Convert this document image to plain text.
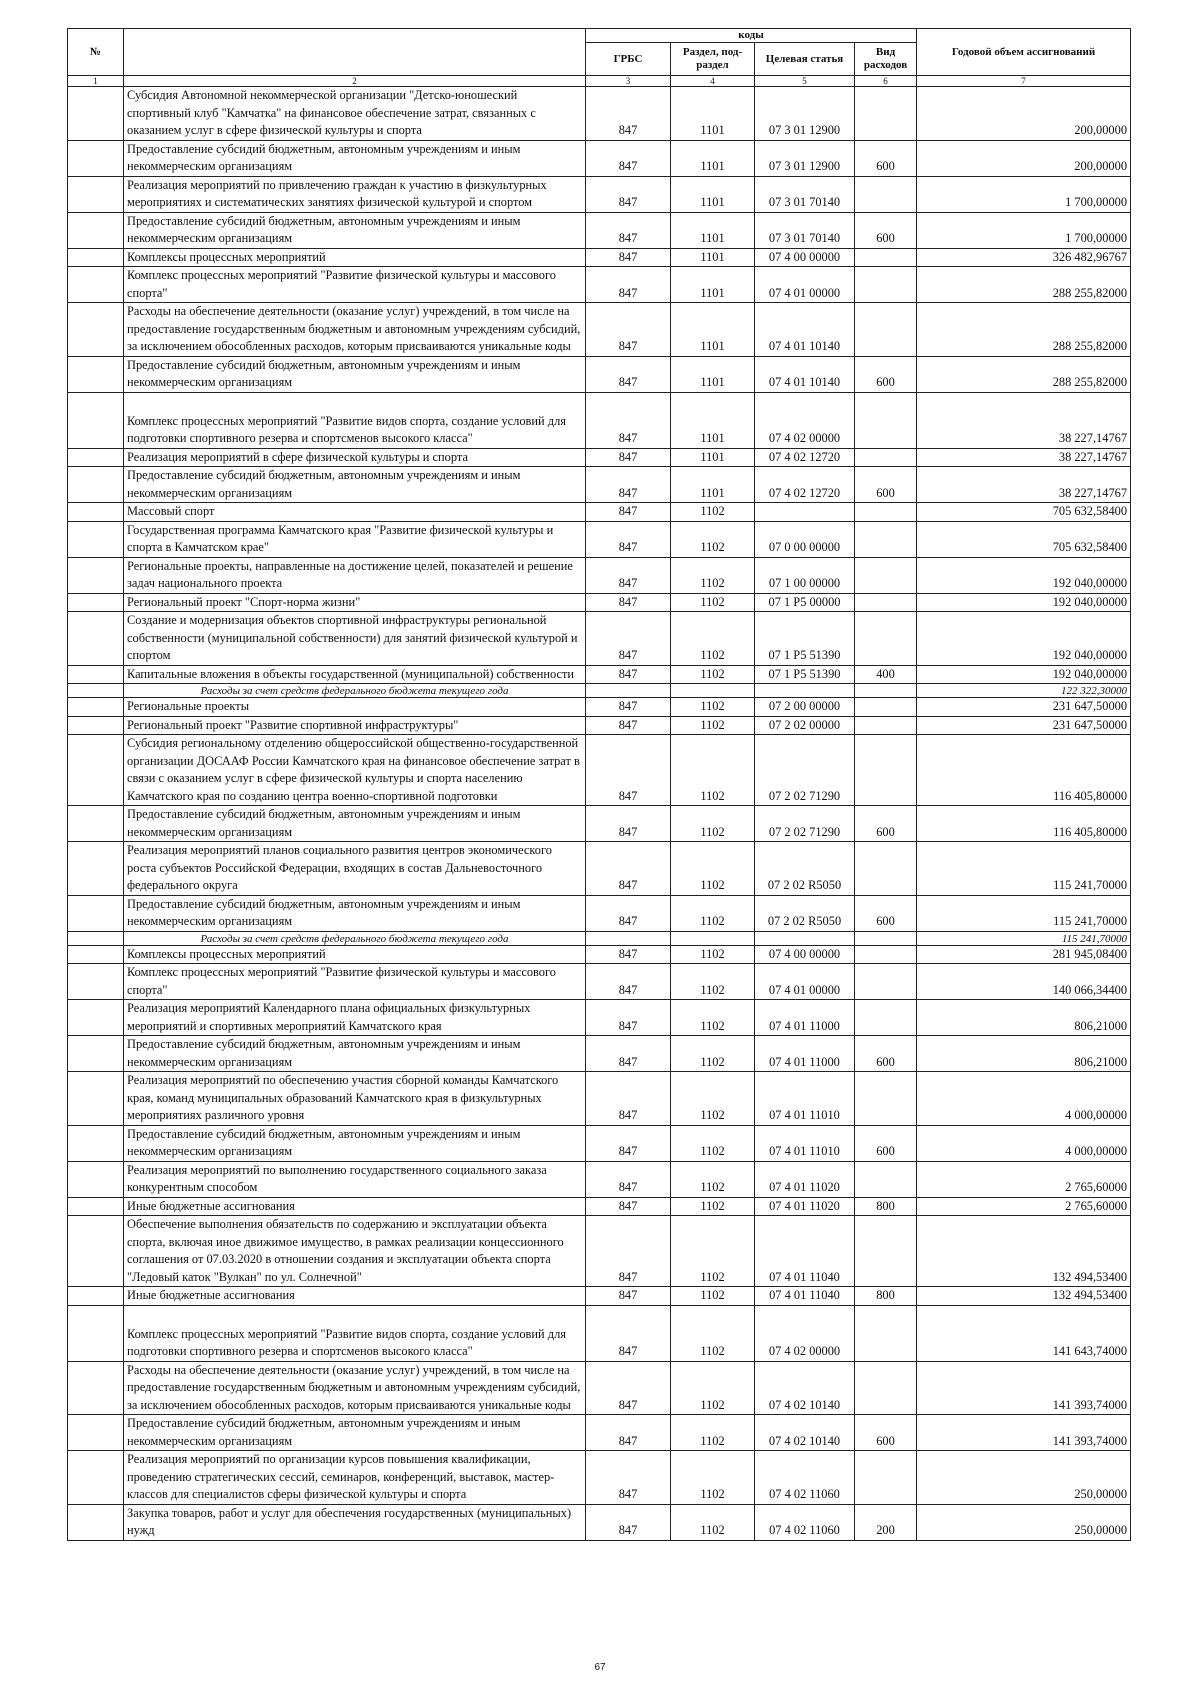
№		коды				Годовой объем ассигнований
		ГРБС	Раздел, под- раздел	Целевая статья	Вид расходов	
1	2	3	4	5	6	7
	Субсидия Автономной некоммерческой организации "Детско-юношеский спортивный клуб "Камчатка" на финансовое обеспечение затрат, связанных с оказанием услуг в сфере физической культуры и спорта	847	1101	07 3 01 12900		200,00000
	Предоставление субсидий бюджетным, автономным учреждениям и иным некоммерческим организациям	847	1101	07 3 01 12900	600	200,00000
	Реализация мероприятий по привлечению граждан к участию в физкультурных мероприятиях и систематических занятиях физической культурой и спортом	847	1101	07 3 01 70140		1 700,00000
	Предоставление субсидий бюджетным, автономным учреждениям и иным некоммерческим организациям	847	1101	07 3 01 70140	600	1 700,00000
	Комплексы процессных мероприятий	847	1101	07 4 00 00000		326 482,96767
	Комплекс процессных мероприятий "Развитие физической культуры и массового спорта"	847	1101	07 4 01 00000		288 255,82000
	Расходы на обеспечение деятельности (оказание услуг) учреждений, в том числе на предоставление государственным бюджетным и автономным учреждениям субсидий, за исключением обособленных расходов, которым присваиваются уникальные коды	847	1101	07 4 01 10140		288 255,82000
	Предоставление субсидий бюджетным, автономным учреждениям и иным некоммерческим организациям	847	1101	07 4 01 10140	600	288 255,82000
	Комплекс процессных мероприятий "Развитие видов спорта, создание условий для подготовки спортивного резерва и спортсменов высокого класса"	847	1101	07 4 02 00000		38 227,14767
	Реализация мероприятий в сфере физической культуры и спорта	847	1101	07 4 02 12720		38 227,14767
	Предоставление субсидий бюджетным, автономным учреждениям и иным некоммерческим организациям	847	1101	07 4 02 12720	600	38 227,14767
	Массовый спорт	847	1102			705 632,58400
	Государственная программа Камчатского края "Развитие физической культуры и спорта в Камчатском крае"	847	1102	07 0 00 00000		705 632,58400
	Региональные проекты, направленные на достижение целей, показателей и решение задач национального проекта	847	1102	07 1 00 00000		192 040,00000
	Региональный проект "Спорт-норма жизни"	847	1102	07 1 P5 00000		192 040,00000
	Создание и модернизация объектов спортивной инфраструктуры региональной собственности (муниципальной собственности) для занятий физической культурой и спортом	847	1102	07 1 P5 51390		192 040,00000
	Капитальные вложения в объекты государственной (муниципальной) собственности	847	1102	07 1 P5 51390	400	192 040,00000
	Расходы за счет средств федерального бюджета текущего года					122 322,30000
	Региональные проекты	847	1102	07 2 00 00000		231 647,50000
	Региональный проект "Развитие спортивной инфраструктуры"	847	1102	07 2 02 00000		231 647,50000
	Субсидия региональному отделению общероссийской общественно-государственной организации ДОСААФ России Камчатского края на финансовое обеспечение затрат в связи с оказанием услуг в сфере физической культуры и спорта населению Камчатского края по созданию центра военно-спортивной подготовки	847	1102	07 2 02 71290		116 405,80000
	Предоставление субсидий бюджетным, автономным учреждениям и иным некоммерческим организациям	847	1102	07 2 02 71290	600	116 405,80000
	Реализация мероприятий планов социального развития центров экономического роста субъектов Российской Федерации, входящих в состав Дальневосточного федерального округа	847	1102	07 2 02 R5050		115 241,70000
	Предоставление субсидий бюджетным, автономным учреждениям и иным некоммерческим организациям	847	1102	07 2 02 R5050	600	115 241,70000
	Расходы за счет средств федерального бюджета текущего года					115 241,70000
	Комплексы процессных мероприятий	847	1102	07 4 00 00000		281 945,08400
	Комплекс процессных мероприятий "Развитие физической культуры и массового спорта"	847	1102	07 4 01 00000		140 066,34400
	Реализация мероприятий Календарного плана официальных физкультурных мероприятий и спортивных мероприятий Камчатского края	847	1102	07 4 01 11000		806,21000
	Предоставление субсидий бюджетным, автономным учреждениям и иным некоммерческим организациям	847	1102	07 4 01 11000	600	806,21000
	Реализация мероприятий по обеспечению участия сборной команды Камчатского края, команд муниципальных образований Камчатского края в физкультурных мероприятиях различного уровня	847	1102	07 4 01 11010		4 000,00000
	Предоставление субсидий бюджетным, автономным учреждениям и иным некоммерческим организациям	847	1102	07 4 01 11010	600	4 000,00000
	Реализация мероприятий по выполнению государственного социального заказа конкурентным способом	847	1102	07 4 01 11020		2 765,60000
	Иные бюджетные ассигнования	847	1102	07 4 01 11020	800	2 765,60000
	Обеспечение выполнения обязательств по содержанию и эксплуатации объекта спорта, включая иное движимое имущество, в рамках реализации концессионного соглашения от 07.03.2020 в отношении создания и эксплуатации объекта спорта "Ледовый каток "Вулкан" по ул. Солнечной"	847	1102	07 4 01 11040		132 494,53400
	Иные бюджетные ассигнования	847	1102	07 4 01 11040	800	132 494,53400
	Комплекс процессных мероприятий "Развитие видов спорта, создание условий для подготовки спортивного резерва и спортсменов высокого класса"	847	1102	07 4 02 00000		141 643,74000
	Расходы на обеспечение деятельности (оказание услуг) учреждений, в том числе на предоставление государственным бюджетным и автономным учреждениям субсидий, за исключением обособленных расходов, которым присваиваются уникальные коды	847	1102	07 4 02 10140		141 393,74000
	Предоставление субсидий бюджетным, автономным учреждениям и иным некоммерческим организациям	847	1102	07 4 02 10140	600	141 393,74000
	Реализация мероприятий по организации курсов повышения квалификации, проведению стратегических сессий, семинаров, конференций, выставок, мастер-классов для специалистов сферы физической культуры и спорта	847	1102	07 4 02 11060		250,00000
	Закупка товаров, работ и услуг для обеспечения государственных (муниципальных) нужд	847	1102	07 4 02 11060	200	250,00000
67
